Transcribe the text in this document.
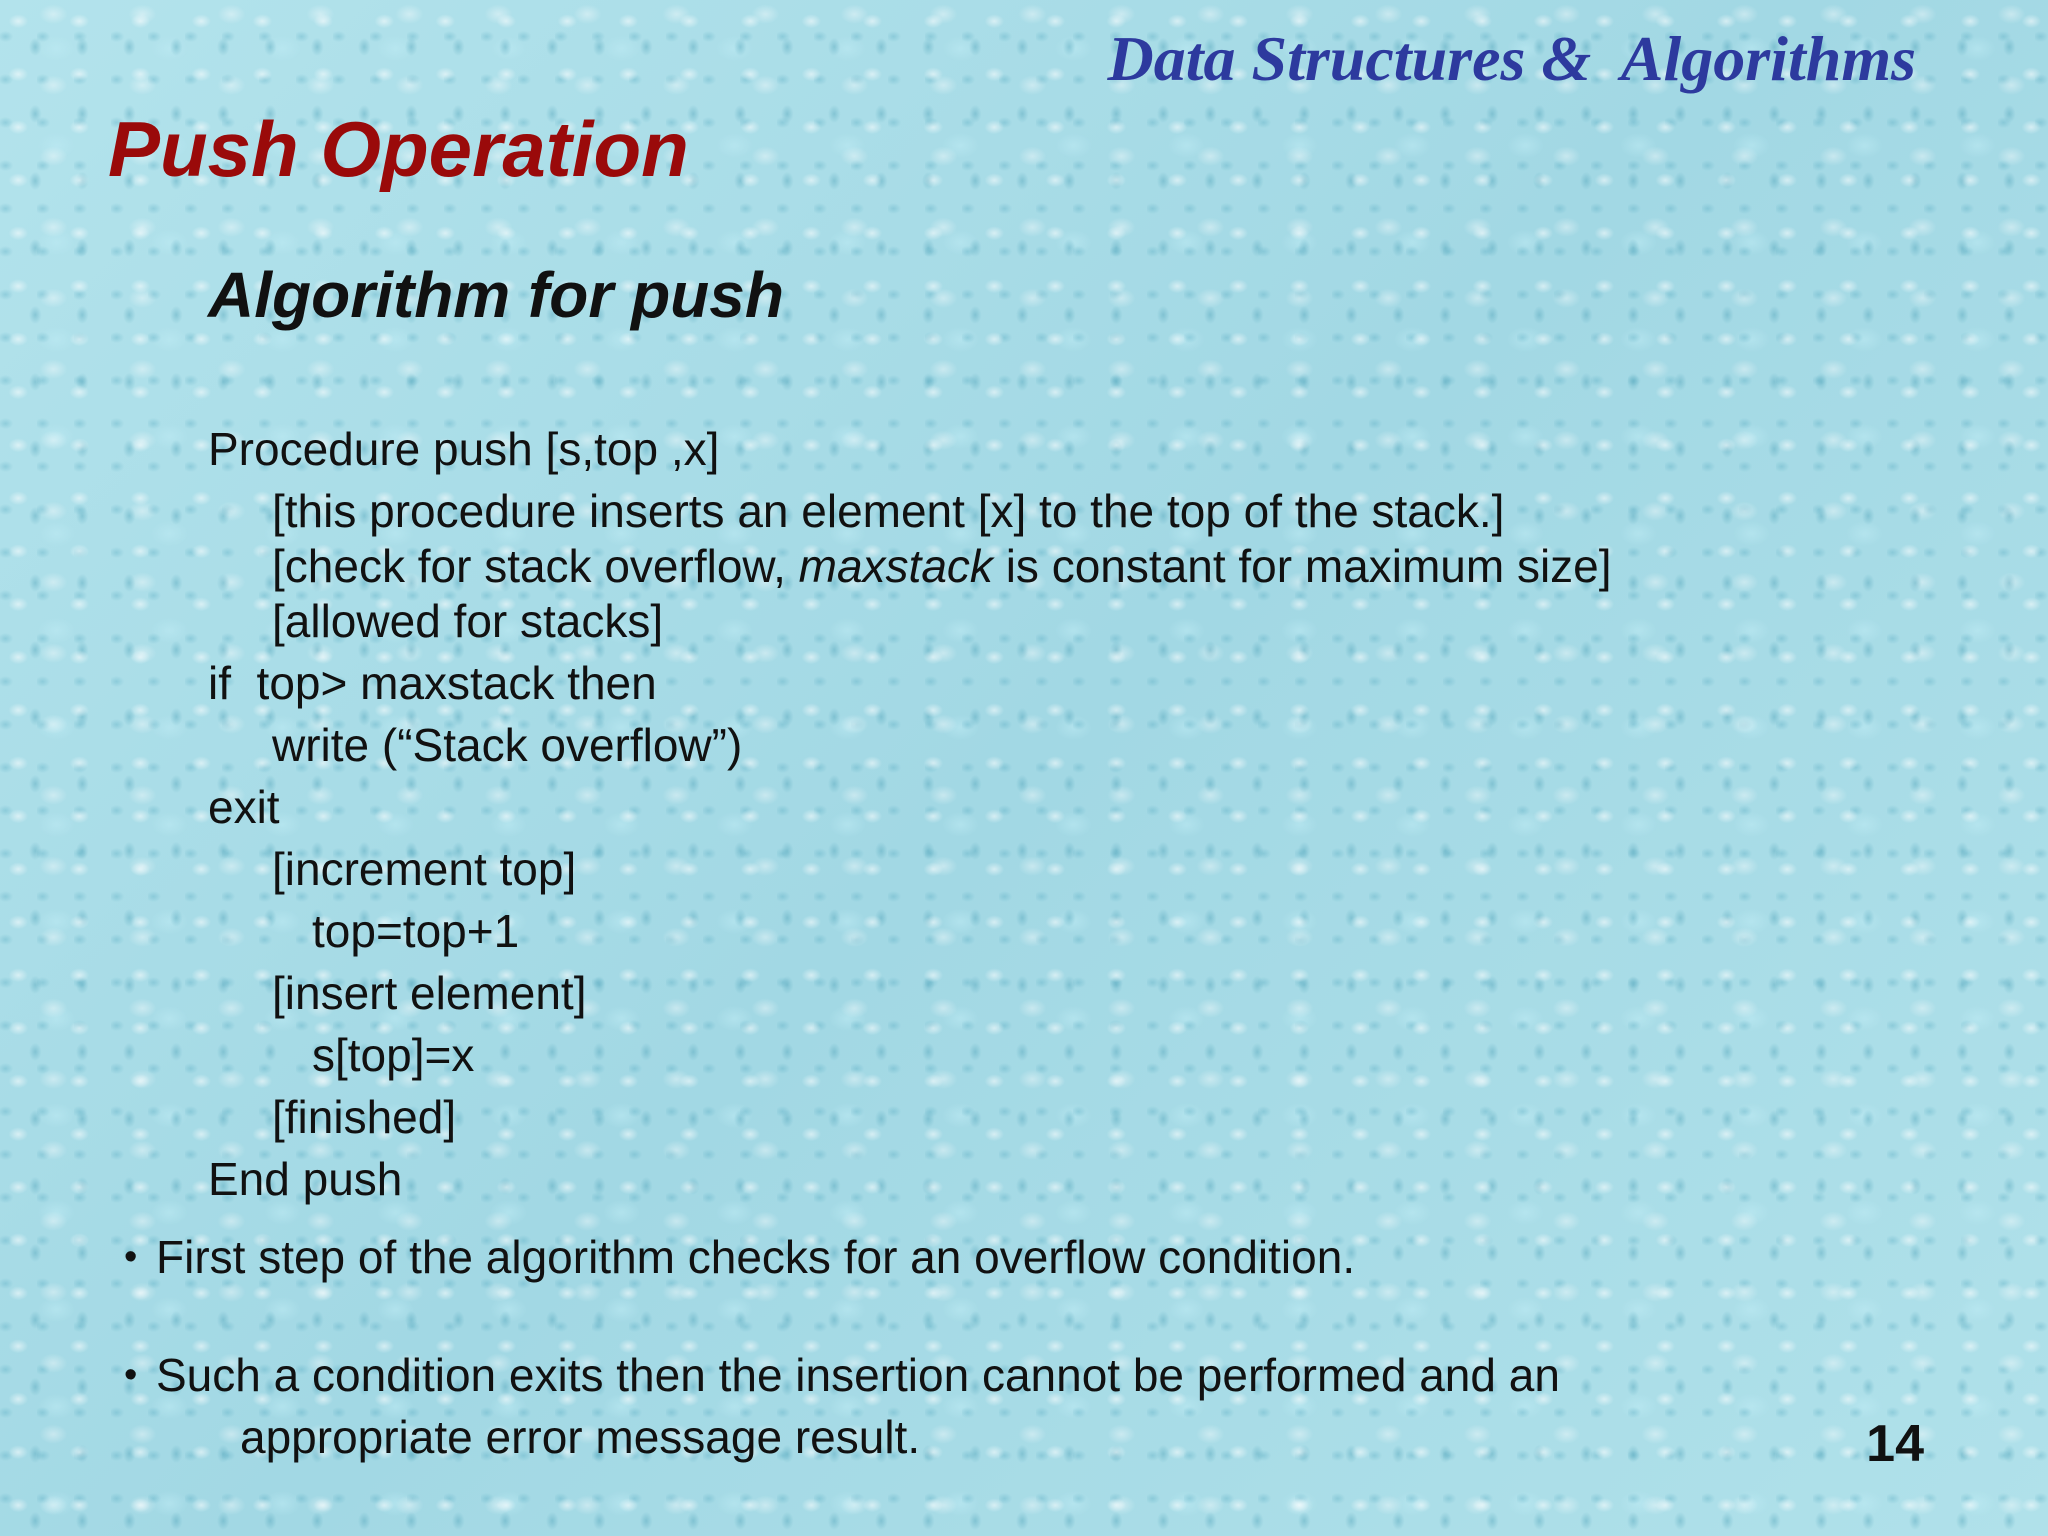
Data Structures &  Algorithms

Push Operation
Algorithm for push

Procedure push [s,top ,x]

[this procedure inserts an element [x] to the top of the stack.]

[check for stack overflow, maxstack is constant for maximum size]

[allowed for stacks]

if  top> maxstack then

write (“Stack overflow”)

exit

[increment top]

top=top+1

[insert element]

s[top]=x

[finished]

End push

• First step of the algorithm checks for an overflow condition.

• Such a condition exits then the insertion cannot be performed and an
appropriate error message result.	14
